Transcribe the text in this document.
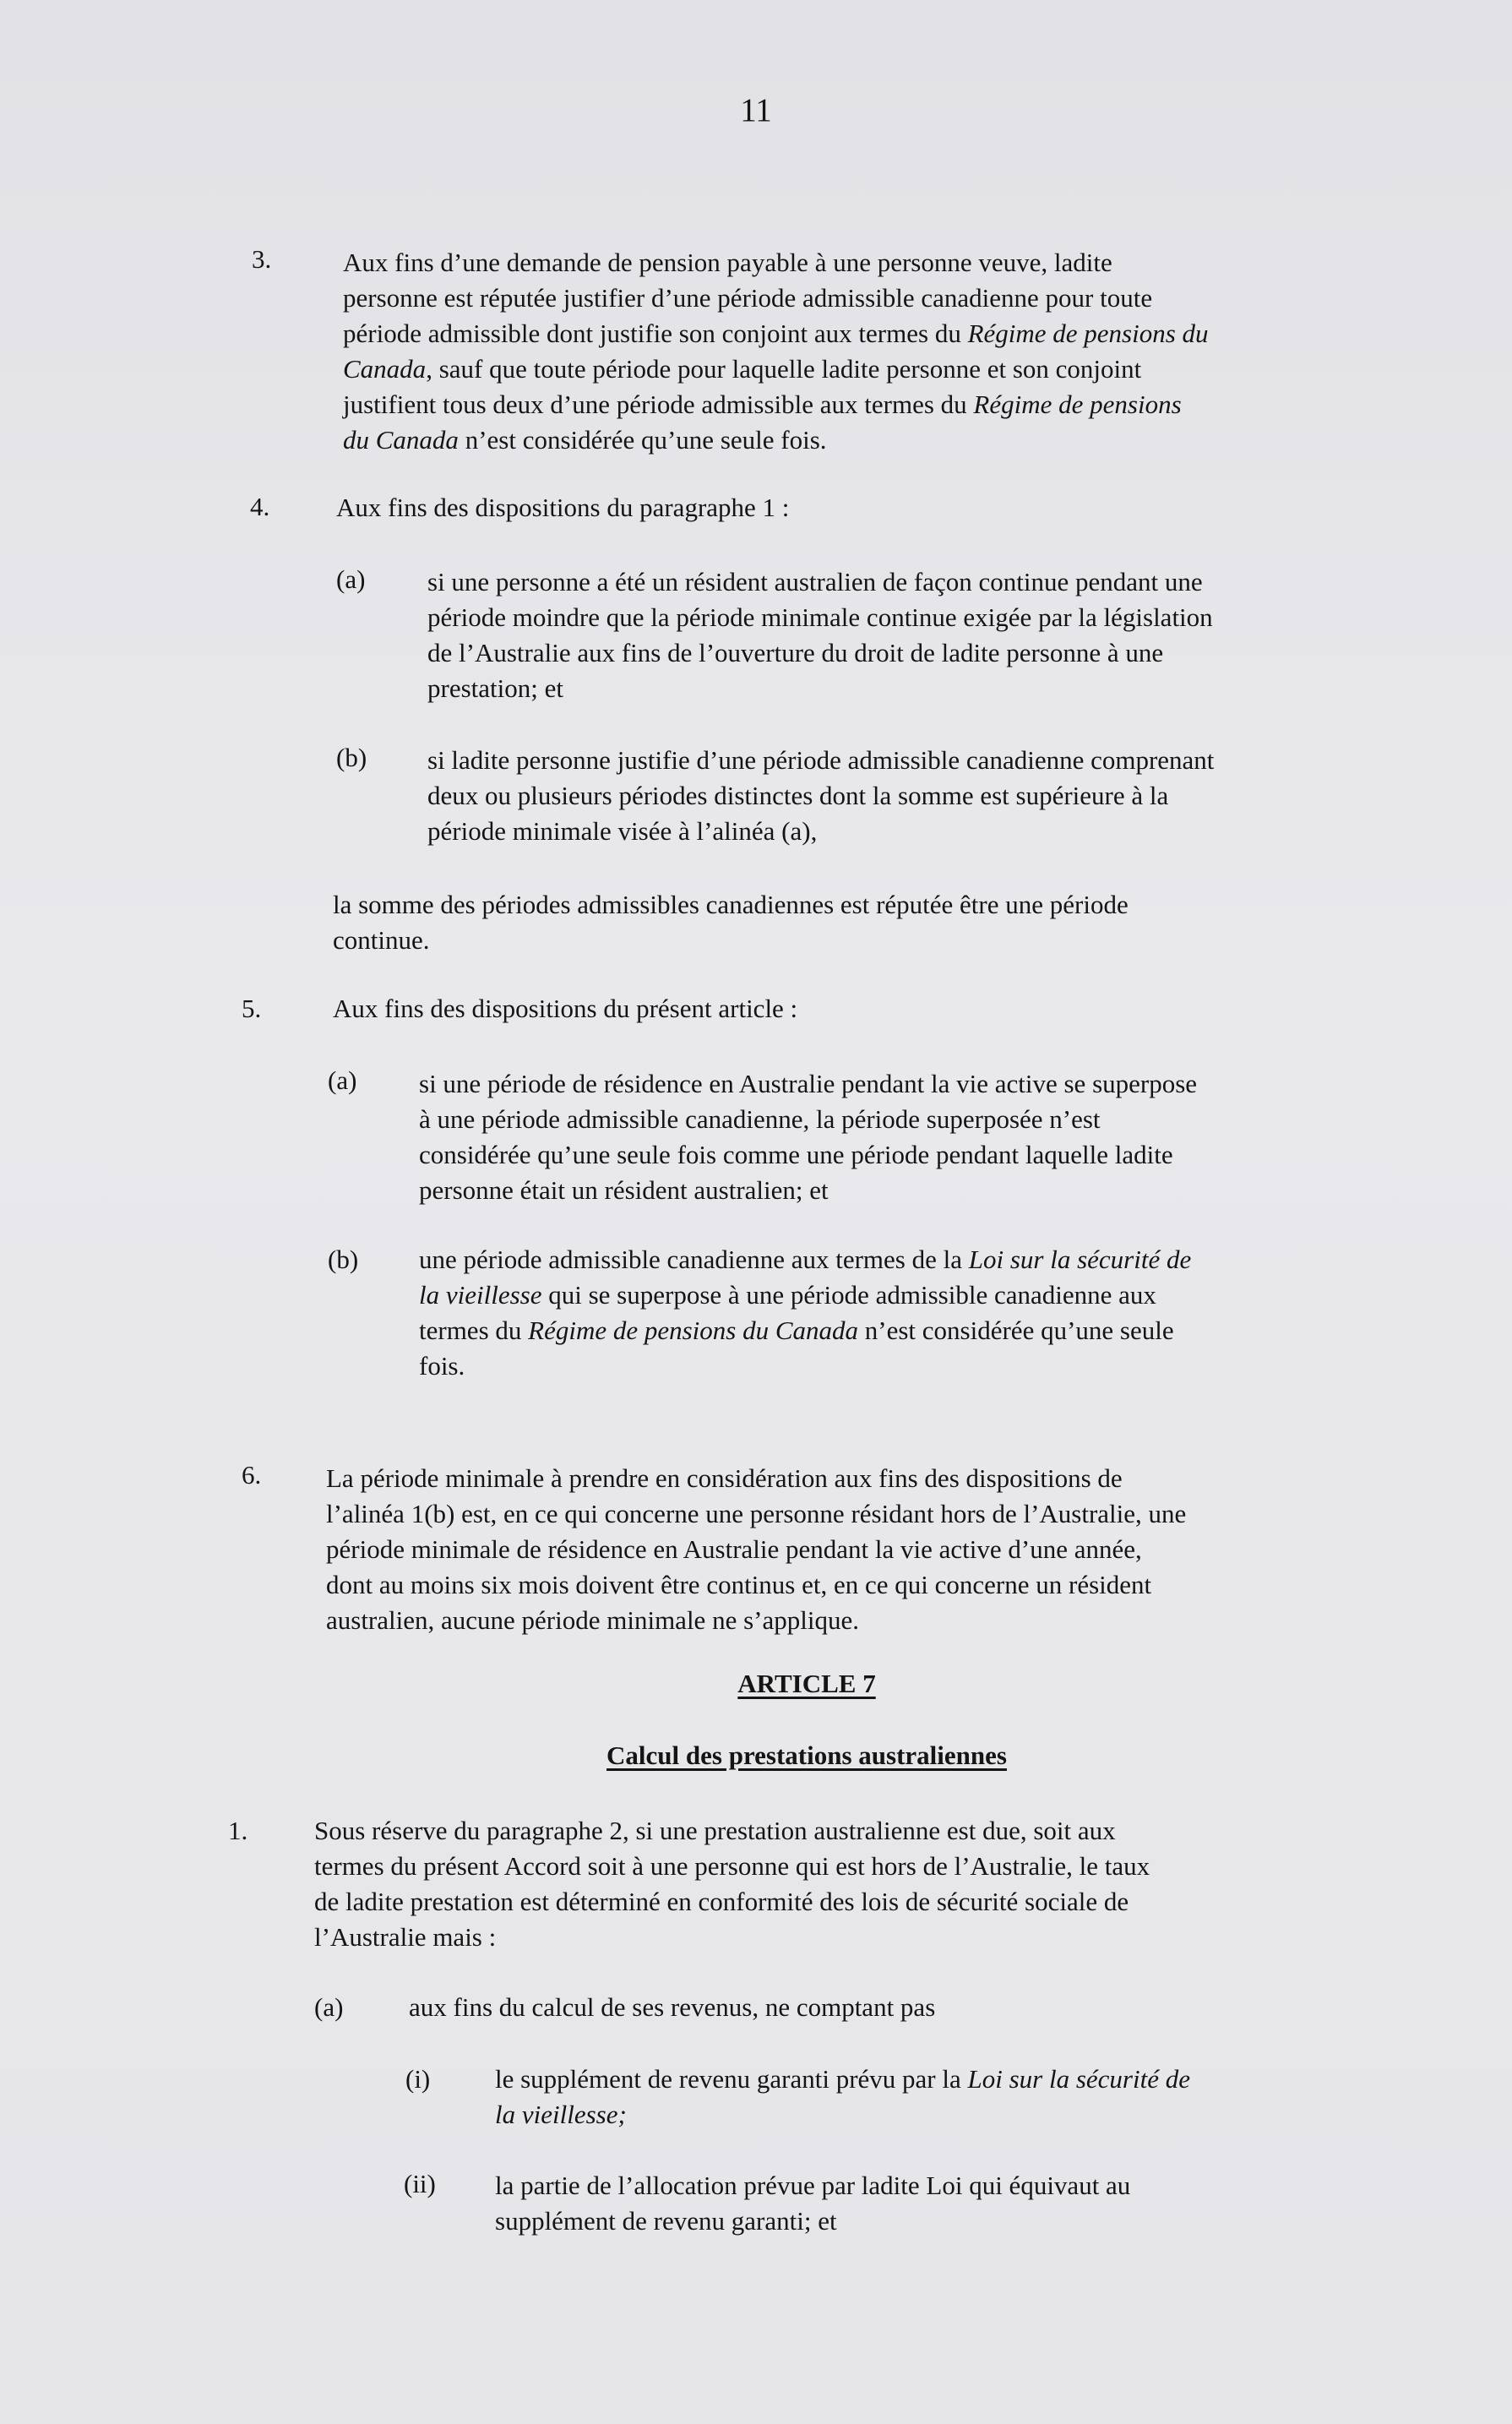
11
3.	Aux fins d’une demande de pension payable à une personne veuve, ladite
personne est réputée justifier d’une période admissible canadienne pour toute
période admissible dont justifie son conjoint aux termes du Régime de pensions du
Canada, sauf que toute période pour laquelle ladite personne et son conjoint
justifient tous deux d’une période admissible aux termes du Régime de pensions
du Canada n’est considérée qu’une seule fois.
4.	Aux fins des dispositions du paragraphe 1 :
(a) si une personne a été un résident australien de façon continue pendant une
période moindre que la période minimale continue exigée par la législation
de l’Australie aux fins de l’ouverture du droit de ladite personne à une
prestation; et
(b) si ladite personne justifie d’une période admissible canadienne comprenant
deux ou plusieurs périodes distinctes dont la somme est supérieure à la
période minimale visée à l’alinéa (a),
la somme des périodes admissibles canadiennes est réputée être une période
continue.
5.	Aux fins des dispositions du présent article :
(a) si une période de résidence en Australie pendant la vie active se superpose
à une période admissible canadienne, la période superposée n’est
considérée qu’une seule fois comme une période pendant laquelle ladite
personne était un résident australien; et
(b) une période admissible canadienne aux termes de la Loi sur la sécurité de
la vieillesse qui se superpose à une période admissible canadienne aux
termes du Régime de pensions du Canada n’est considérée qu’une seule
fois.
6. La période minimale à prendre en considération aux fins des dispositions de
l’alinéa 1(b) est, en ce qui concerne une personne résidant hors de l’Australie, une
période minimale de résidence en Australie pendant la vie active d’une année,
dont au moins six mois doivent être continus et, en ce qui concerne un résident
australien, aucune période minimale ne s’applique.
ARTICLE 7
Calcul des prestations australiennes
1.	Sous réserve du paragraphe 2, si une prestation australienne est due, soit aux
termes du présent Accord soit à une personne qui est hors de l’Australie, le taux
de ladite prestation est déterminé en conformité des lois de sécurité sociale de
l’Australie mais :
(a)	aux fins du calcul de ses revenus, ne comptant pas
(i) le supplément de revenu garanti prévu par la Loi sur la sécurité de
la vieillesse;
(ii) la partie de l’allocation prévue par ladite Loi qui équivaut au
supplément de revenu garanti; et
